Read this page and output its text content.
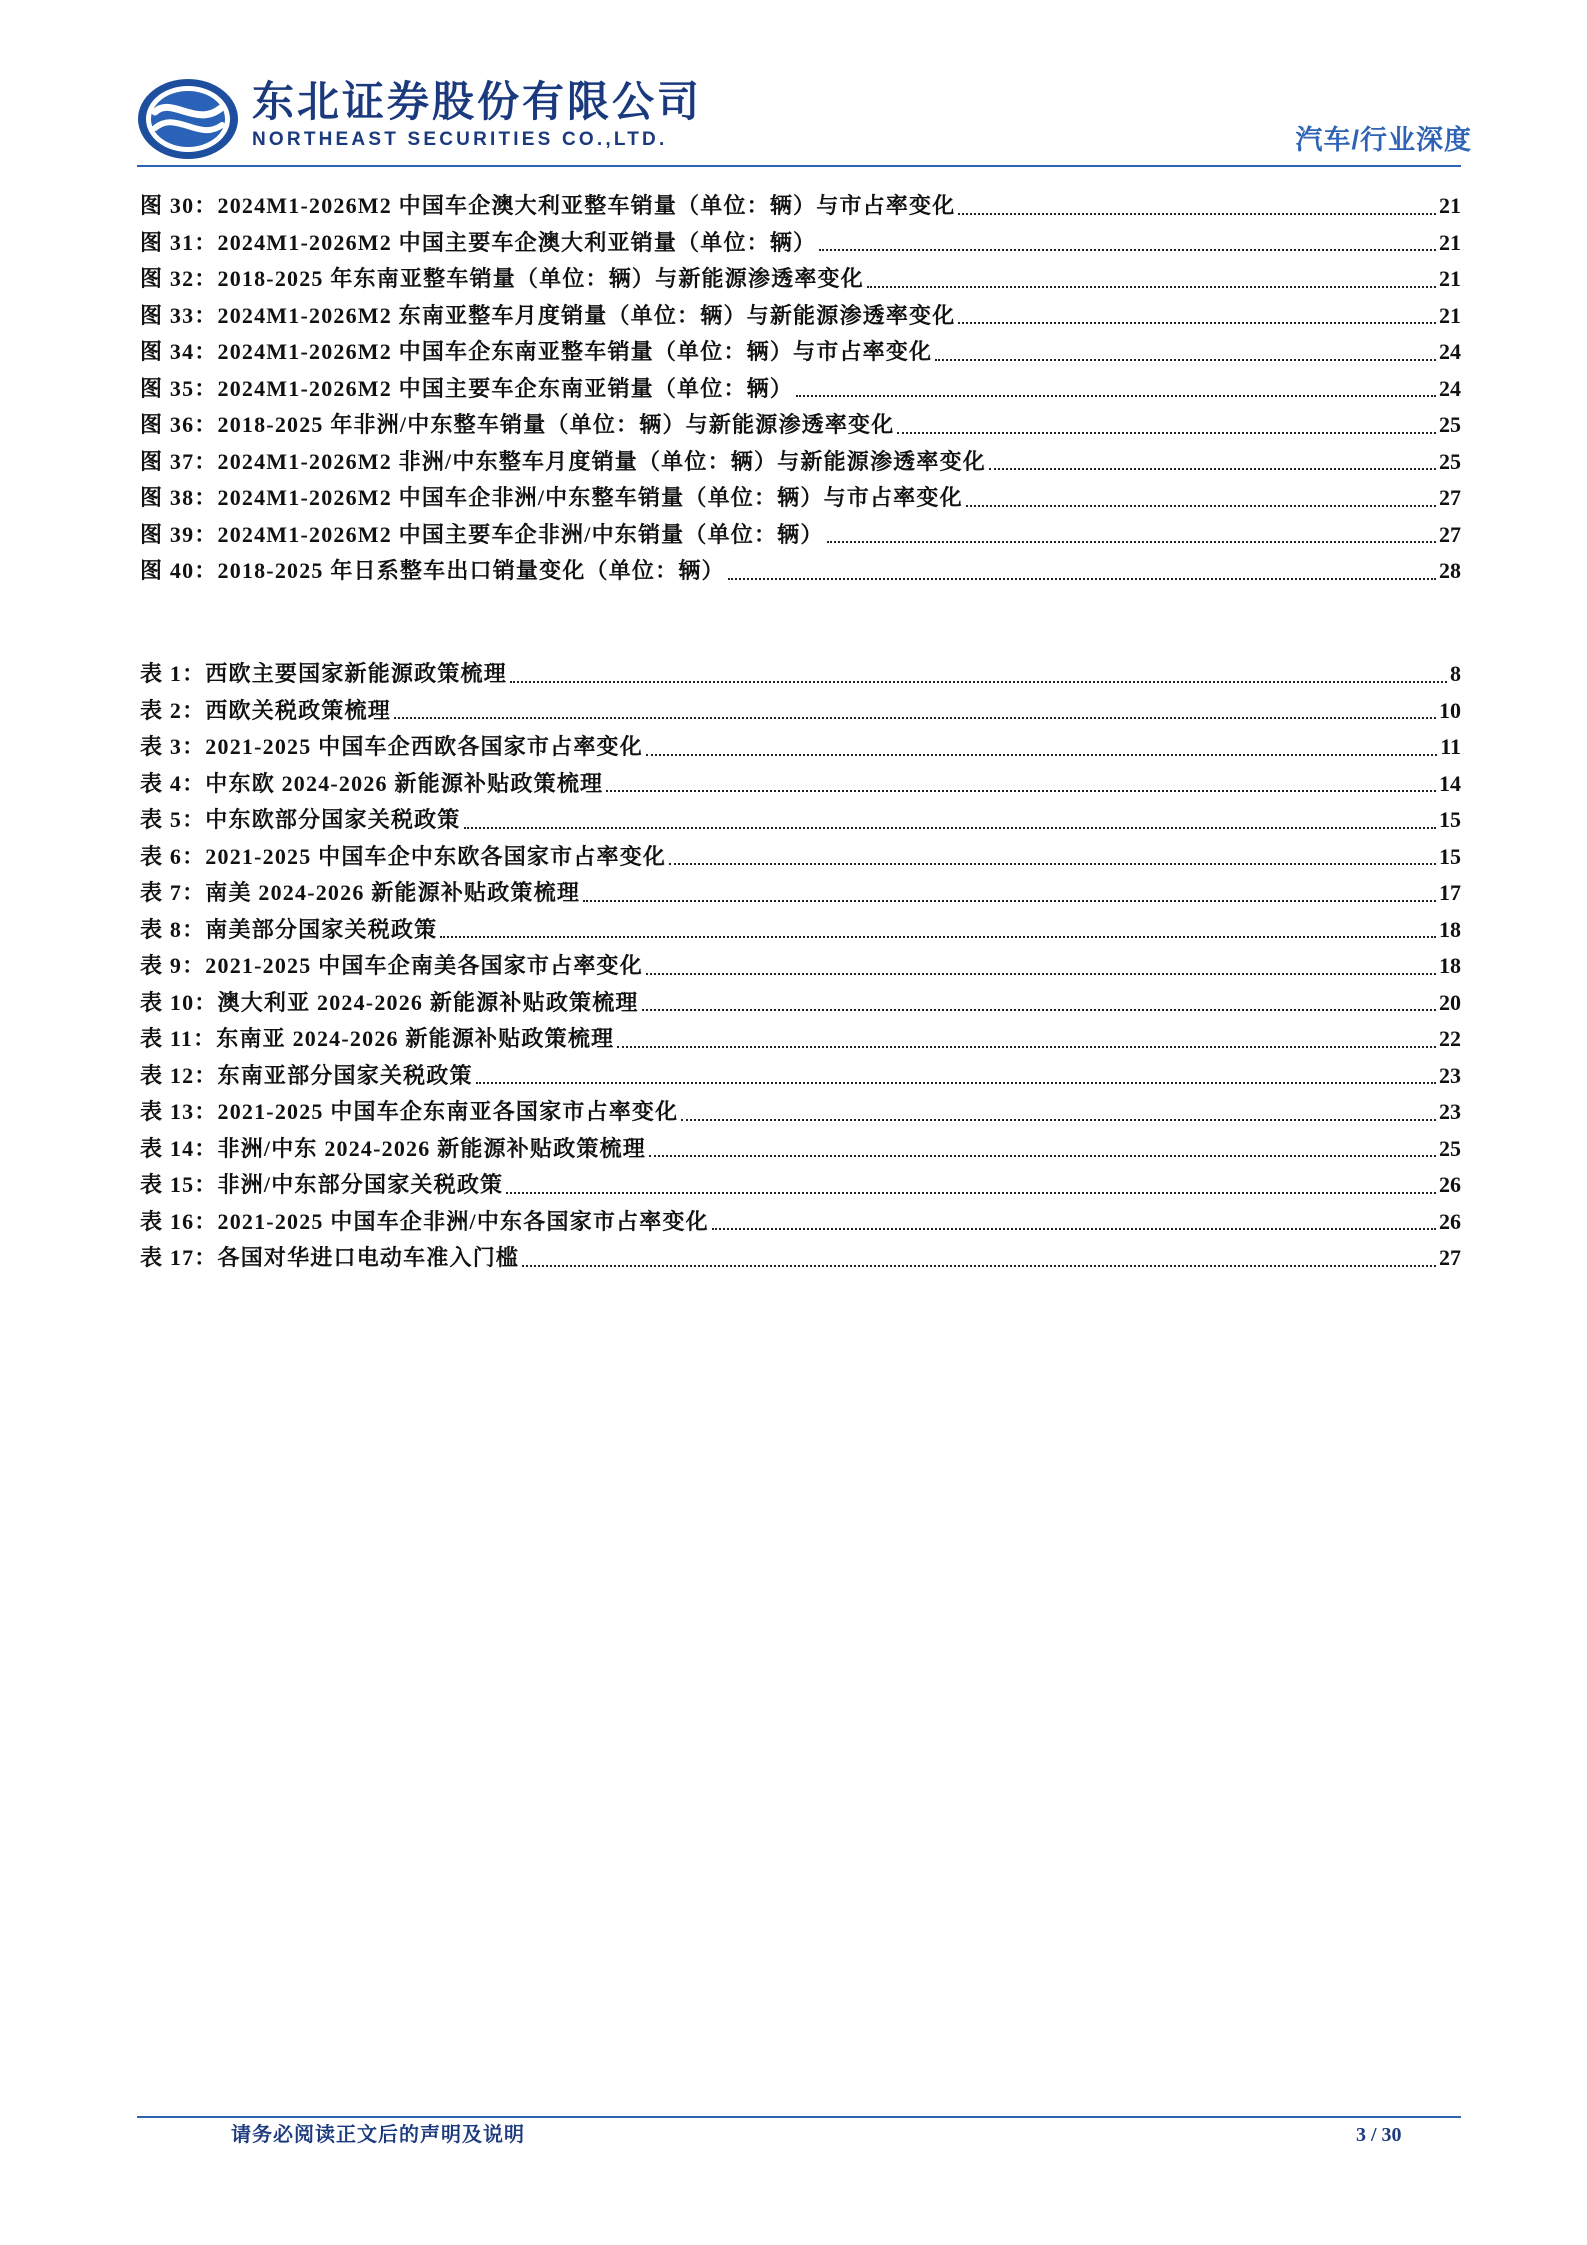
东北证券股份有限公司
NORTHEAST SECURITIES CO.,LTD.	汽车/行业深度
图 30：2024M1-2026M2 中国车企澳大利亚整车销量（单位：辆）与市占率变化	21
图 31：2024M1-2026M2 中国主要车企澳大利亚销量（单位：辆）	21
图 32：2018-2025 年东南亚整车销量（单位：辆）与新能源渗透率变化	21
图 33：2024M1-2026M2 东南亚整车月度销量（单位：辆）与新能源渗透率变化	21
图 34：2024M1-2026M2 中国车企东南亚整车销量（单位：辆）与市占率变化	24
图 35：2024M1-2026M2 中国主要车企东南亚销量（单位：辆）	24
图 36：2018-2025 年非洲/中东整车销量（单位：辆）与新能源渗透率变化	25
图 37：2024M1-2026M2 非洲/中东整车月度销量（单位：辆）与新能源渗透率变化	25
图 38：2024M1-2026M2 中国车企非洲/中东整车销量（单位：辆）与市占率变化	27
图 39：2024M1-2026M2 中国主要车企非洲/中东销量（单位：辆）	27
图 40：2018-2025 年日系整车出口销量变化（单位：辆）	28
表 1：西欧主要国家新能源政策梳理	8
表 2：西欧关税政策梳理	10
表 3：2021-2025 中国车企西欧各国家市占率变化	11
表 4：中东欧 2024-2026 新能源补贴政策梳理	14
表 5：中东欧部分国家关税政策	15
表 6：2021-2025 中国车企中东欧各国家市占率变化	15
表 7：南美 2024-2026 新能源补贴政策梳理	17
表 8：南美部分国家关税政策	18
表 9：2021-2025 中国车企南美各国家市占率变化	18
表 10：澳大利亚 2024-2026 新能源补贴政策梳理	20
表 11：东南亚 2024-2026 新能源补贴政策梳理	22
表 12：东南亚部分国家关税政策	23
表 13：2021-2025 中国车企东南亚各国家市占率变化	23
表 14：非洲/中东 2024-2026 新能源补贴政策梳理	25
表 15：非洲/中东部分国家关税政策	26
表 16：2021-2025 中国车企非洲/中东各国家市占率变化	26
表 17：各国对华进口电动车准入门槛	27
请务必阅读正文后的声明及说明	3 / 30
